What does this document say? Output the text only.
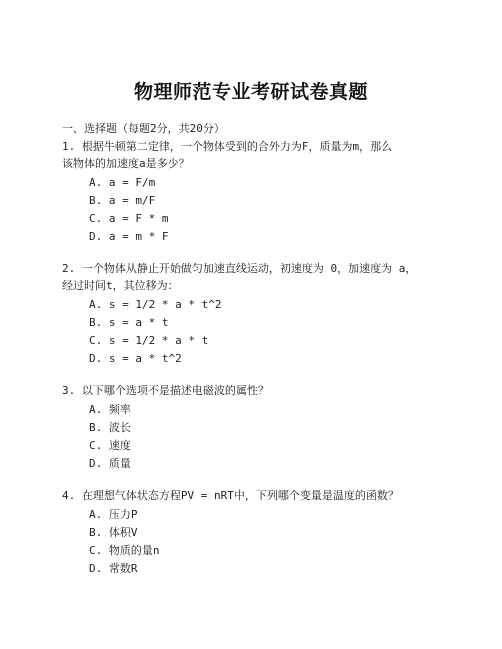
物理师范专业考研试卷真题
一、选择题（每题2分，共20分）
1. 根据牛顿第二定律，一个物体受到的合外力为F，质量为m，那么
该物体的加速度a是多少？
A. a = F/m
B. a = m/F
C. a = F * m
D. a = m * F
2. 一个物体从静止开始做匀加速直线运动，初速度为 0，加速度为 a，
经过时间t，其位移为：
A. s = 1/2 * a * t^2
B. s = a * t
C. s = 1/2 * a * t
D. s = a * t^2
3. 以下哪个选项不是描述电磁波的属性？
A. 频率
B. 波长
C. 速度
D. 质量
4. 在理想气体状态方程PV = nRT中，下列哪个变量是温度的函数？
A. 压力P
B. 体积V
C. 物质的量n
D. 常数R
